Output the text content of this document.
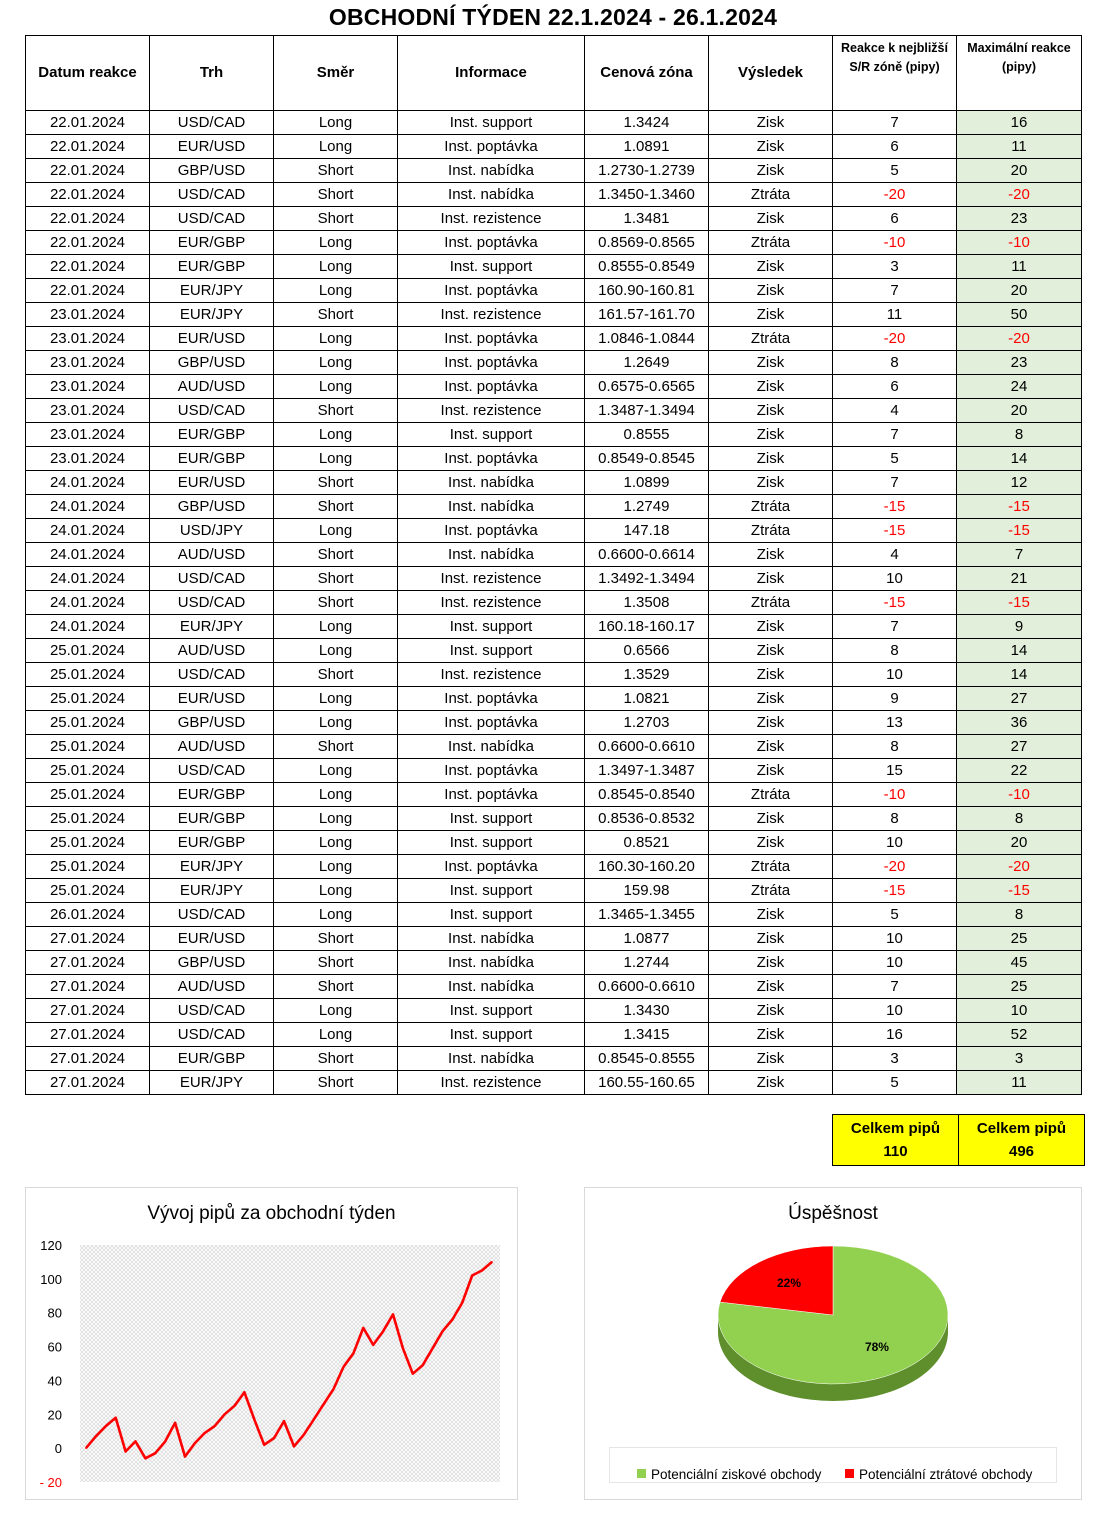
OBCHODNÍ TÝDEN 22.1.2024 - 26.1.2024
Datum reakce	Trh	Směr	Informace	Cenová zóna	Výsledek	Reakce k nejbližší S/R zóně (pipy)	Maximální reakce (pipy)
22.01.2024	USD/CAD	Long	Inst. support	1.3424	Zisk	7	16
22.01.2024	EUR/USD	Long	Inst. poptávka	1.0891	Zisk	6	11
22.01.2024	GBP/USD	Short	Inst. nabídka	1.2730-1.2739	Zisk	5	20
22.01.2024	USD/CAD	Short	Inst. nabídka	1.3450-1.3460	Ztráta	-20	-20
22.01.2024	USD/CAD	Short	Inst. rezistence	1.3481	Zisk	6	23
22.01.2024	EUR/GBP	Long	Inst. poptávka	0.8569-0.8565	Ztráta	-10	-10
22.01.2024	EUR/GBP	Long	Inst. support	0.8555-0.8549	Zisk	3	11
22.01.2024	EUR/JPY	Long	Inst. poptávka	160.90-160.81	Zisk	7	20
23.01.2024	EUR/JPY	Short	Inst. rezistence	161.57-161.70	Zisk	11	50
23.01.2024	EUR/USD	Long	Inst. poptávka	1.0846-1.0844	Ztráta	-20	-20
23.01.2024	GBP/USD	Long	Inst. poptávka	1.2649	Zisk	8	23
23.01.2024	AUD/USD	Long	Inst. poptávka	0.6575-0.6565	Zisk	6	24
23.01.2024	USD/CAD	Short	Inst. rezistence	1.3487-1.3494	Zisk	4	20
23.01.2024	EUR/GBP	Long	Inst. support	0.8555	Zisk	7	8
23.01.2024	EUR/GBP	Long	Inst. poptávka	0.8549-0.8545	Zisk	5	14
24.01.2024	EUR/USD	Short	Inst. nabídka	1.0899	Zisk	7	12
24.01.2024	GBP/USD	Short	Inst. nabídka	1.2749	Ztráta	-15	-15
24.01.2024	USD/JPY	Long	Inst. poptávka	147.18	Ztráta	-15	-15
24.01.2024	AUD/USD	Short	Inst. nabídka	0.6600-0.6614	Zisk	4	7
24.01.2024	USD/CAD	Short	Inst. rezistence	1.3492-1.3494	Zisk	10	21
24.01.2024	USD/CAD	Short	Inst. rezistence	1.3508	Ztráta	-15	-15
24.01.2024	EUR/JPY	Long	Inst. support	160.18-160.17	Zisk	7	9
25.01.2024	AUD/USD	Long	Inst. support	0.6566	Zisk	8	14
25.01.2024	USD/CAD	Short	Inst. rezistence	1.3529	Zisk	10	14
25.01.2024	EUR/USD	Long	Inst. poptávka	1.0821	Zisk	9	27
25.01.2024	GBP/USD	Long	Inst. poptávka	1.2703	Zisk	13	36
25.01.2024	AUD/USD	Short	Inst. nabídka	0.6600-0.6610	Zisk	8	27
25.01.2024	USD/CAD	Long	Inst. poptávka	1.3497-1.3487	Zisk	15	22
25.01.2024	EUR/GBP	Long	Inst. poptávka	0.8545-0.8540	Ztráta	-10	-10
25.01.2024	EUR/GBP	Long	Inst. support	0.8536-0.8532	Zisk	8	8
25.01.2024	EUR/GBP	Long	Inst. support	0.8521	Zisk	10	20
25.01.2024	EUR/JPY	Long	Inst. poptávka	160.30-160.20	Ztráta	-20	-20
25.01.2024	EUR/JPY	Long	Inst. support	159.98	Ztráta	-15	-15
26.01.2024	USD/CAD	Long	Inst. support	1.3465-1.3455	Zisk	5	8
27.01.2024	EUR/USD	Short	Inst. nabídka	1.0877	Zisk	10	25
27.01.2024	GBP/USD	Short	Inst. nabídka	1.2744	Zisk	10	45
27.01.2024	AUD/USD	Short	Inst. nabídka	0.6600-0.6610	Zisk	7	25
27.01.2024	USD/CAD	Long	Inst. support	1.3430	Zisk	10	10
27.01.2024	USD/CAD	Long	Inst. support	1.3415	Zisk	16	52
27.01.2024	EUR/GBP	Short	Inst. nabídka	0.8545-0.8555	Zisk	3	3
27.01.2024	EUR/JPY	Short	Inst. rezistence	160.55-160.65	Zisk	5	11
Celkem pipů
110

Celkem pipů
496
Vývoj pipů za obchodní týden
- 20
0
20
40
60
80
100
120
Úspěšnost
78%
22%
Potenciální ziskové obchody	Potenciální ztrátové obchody
